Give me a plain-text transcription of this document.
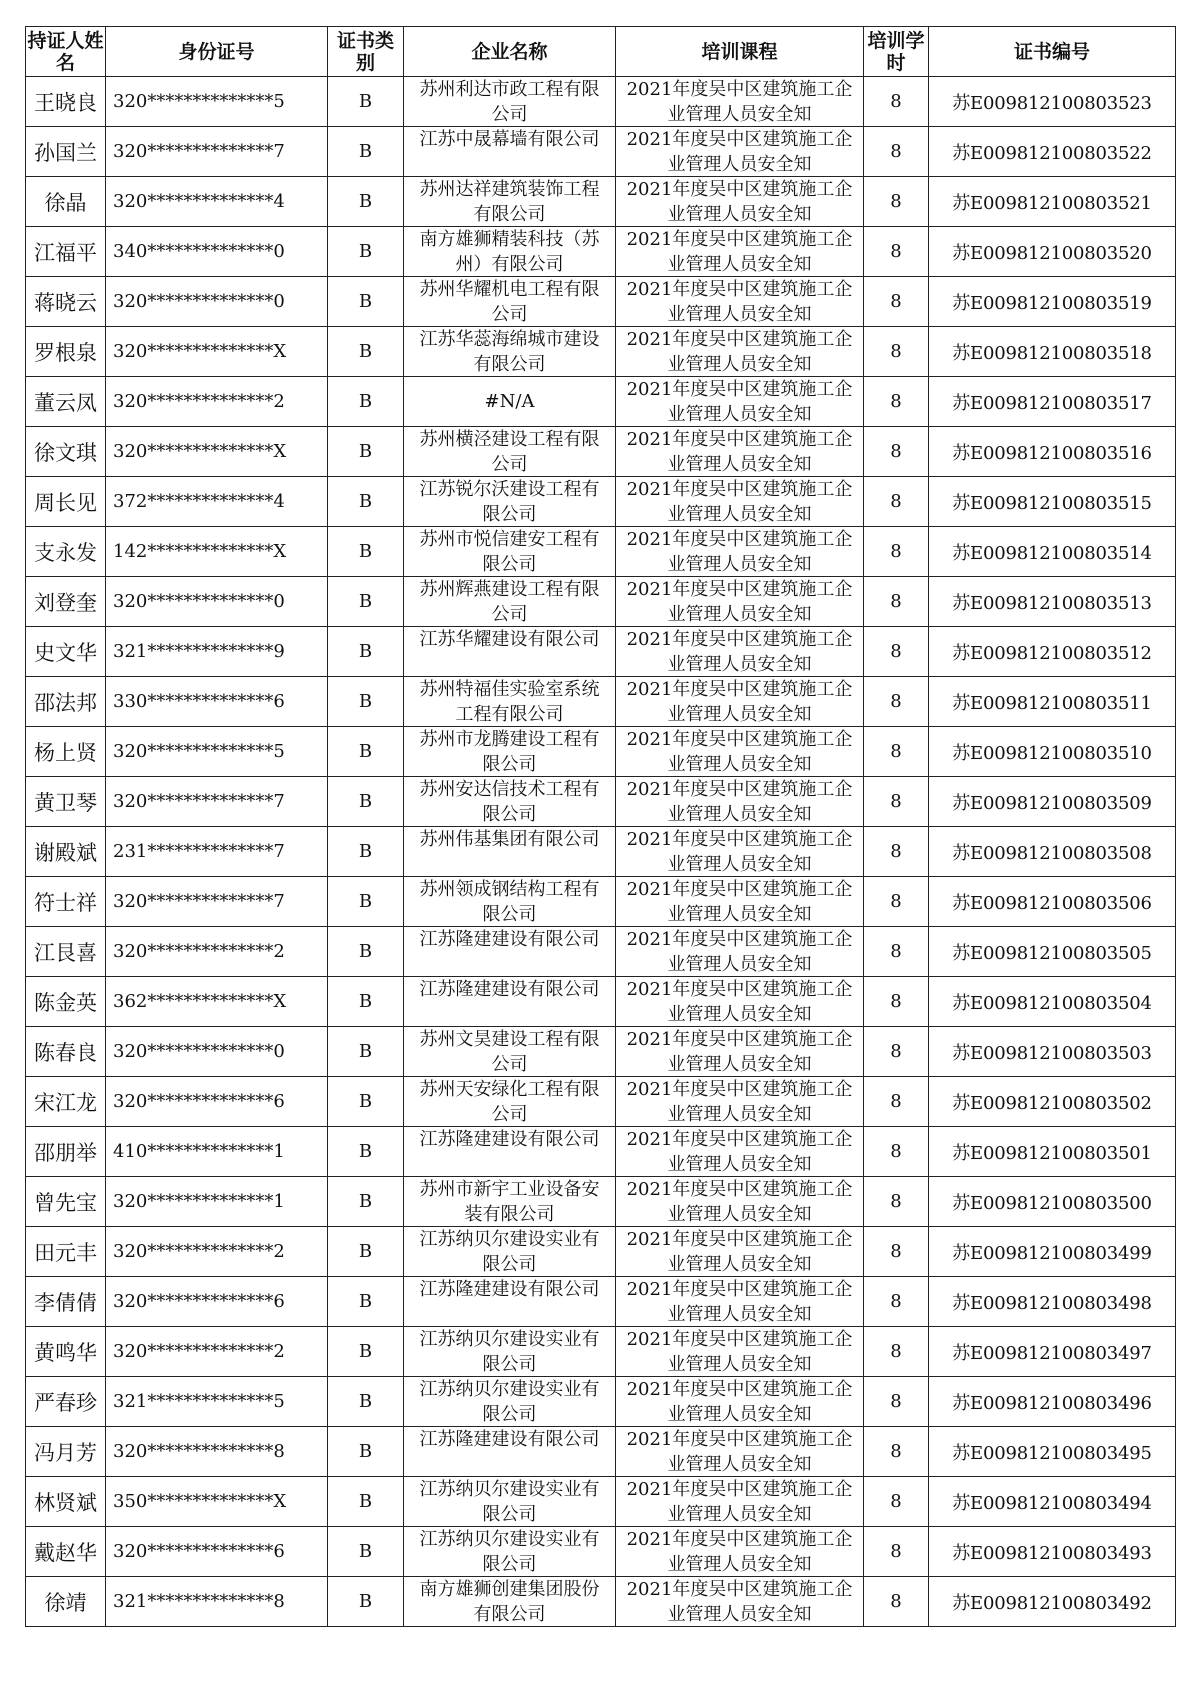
持证人姓名	身份证号	证书类别	企业名称	培训课程	培训学时	证书编号
王晓良	320**************5	B	苏州利达市政工程有限公司	2021年度吴中区建筑施工企业管理人员安全知	8	苏E009812100803523
孙国兰	320**************7	B	江苏中晟幕墙有限公司	2021年度吴中区建筑施工企业管理人员安全知	8	苏E009812100803522
徐晶	320**************4	B	苏州达祥建筑装饰工程有限公司	2021年度吴中区建筑施工企业管理人员安全知	8	苏E009812100803521
江福平	340**************0	B	南方雄狮精装科技（苏州）有限公司	2021年度吴中区建筑施工企业管理人员安全知	8	苏E009812100803520
蒋晓云	320**************0	B	苏州华耀机电工程有限公司	2021年度吴中区建筑施工企业管理人员安全知	8	苏E009812100803519
罗根泉	320**************X	B	江苏华蕊海绵城市建设有限公司	2021年度吴中区建筑施工企业管理人员安全知	8	苏E009812100803518
董云凤	320**************2	B	#N/A	2021年度吴中区建筑施工企业管理人员安全知	8	苏E009812100803517
徐文琪	320**************X	B	苏州横泾建设工程有限公司	2021年度吴中区建筑施工企业管理人员安全知	8	苏E009812100803516
周长见	372**************4	B	江苏锐尔沃建设工程有限公司	2021年度吴中区建筑施工企业管理人员安全知	8	苏E009812100803515
支永发	142**************X	B	苏州市悦信建安工程有限公司	2021年度吴中区建筑施工企业管理人员安全知	8	苏E009812100803514
刘登奎	320**************0	B	苏州辉燕建设工程有限公司	2021年度吴中区建筑施工企业管理人员安全知	8	苏E009812100803513
史文华	321**************9	B	江苏华耀建设有限公司	2021年度吴中区建筑施工企业管理人员安全知	8	苏E009812100803512
邵法邦	330**************6	B	苏州特福佳实验室系统工程有限公司	2021年度吴中区建筑施工企业管理人员安全知	8	苏E009812100803511
杨上贤	320**************5	B	苏州市龙腾建设工程有限公司	2021年度吴中区建筑施工企业管理人员安全知	8	苏E009812100803510
黄卫琴	320**************7	B	苏州安达信技术工程有限公司	2021年度吴中区建筑施工企业管理人员安全知	8	苏E009812100803509
谢殿斌	231**************7	B	苏州伟基集团有限公司	2021年度吴中区建筑施工企业管理人员安全知	8	苏E009812100803508
符士祥	320**************7	B	苏州领成钢结构工程有限公司	2021年度吴中区建筑施工企业管理人员安全知	8	苏E009812100803506
江艮喜	320**************2	B	江苏隆建建设有限公司	2021年度吴中区建筑施工企业管理人员安全知	8	苏E009812100803505
陈金英	362**************X	B	江苏隆建建设有限公司	2021年度吴中区建筑施工企业管理人员安全知	8	苏E009812100803504
陈春良	320**************0	B	苏州文昊建设工程有限公司	2021年度吴中区建筑施工企业管理人员安全知	8	苏E009812100803503
宋江龙	320**************6	B	苏州天安绿化工程有限公司	2021年度吴中区建筑施工企业管理人员安全知	8	苏E009812100803502
邵朋举	410**************1	B	江苏隆建建设有限公司	2021年度吴中区建筑施工企业管理人员安全知	8	苏E009812100803501
曾先宝	320**************1	B	苏州市新宇工业设备安装有限公司	2021年度吴中区建筑施工企业管理人员安全知	8	苏E009812100803500
田元丰	320**************2	B	江苏纳贝尔建设实业有限公司	2021年度吴中区建筑施工企业管理人员安全知	8	苏E009812100803499
李倩倩	320**************6	B	江苏隆建建设有限公司	2021年度吴中区建筑施工企业管理人员安全知	8	苏E009812100803498
黄鸣华	320**************2	B	江苏纳贝尔建设实业有限公司	2021年度吴中区建筑施工企业管理人员安全知	8	苏E009812100803497
严春珍	321**************5	B	江苏纳贝尔建设实业有限公司	2021年度吴中区建筑施工企业管理人员安全知	8	苏E009812100803496
冯月芳	320**************8	B	江苏隆建建设有限公司	2021年度吴中区建筑施工企业管理人员安全知	8	苏E009812100803495
林贤斌	350**************X	B	江苏纳贝尔建设实业有限公司	2021年度吴中区建筑施工企业管理人员安全知	8	苏E009812100803494
戴赵华	320**************6	B	江苏纳贝尔建设实业有限公司	2021年度吴中区建筑施工企业管理人员安全知	8	苏E009812100803493
徐靖	321**************8	B	南方雄狮创建集团股份有限公司	2021年度吴中区建筑施工企业管理人员安全知	8	苏E009812100803492
